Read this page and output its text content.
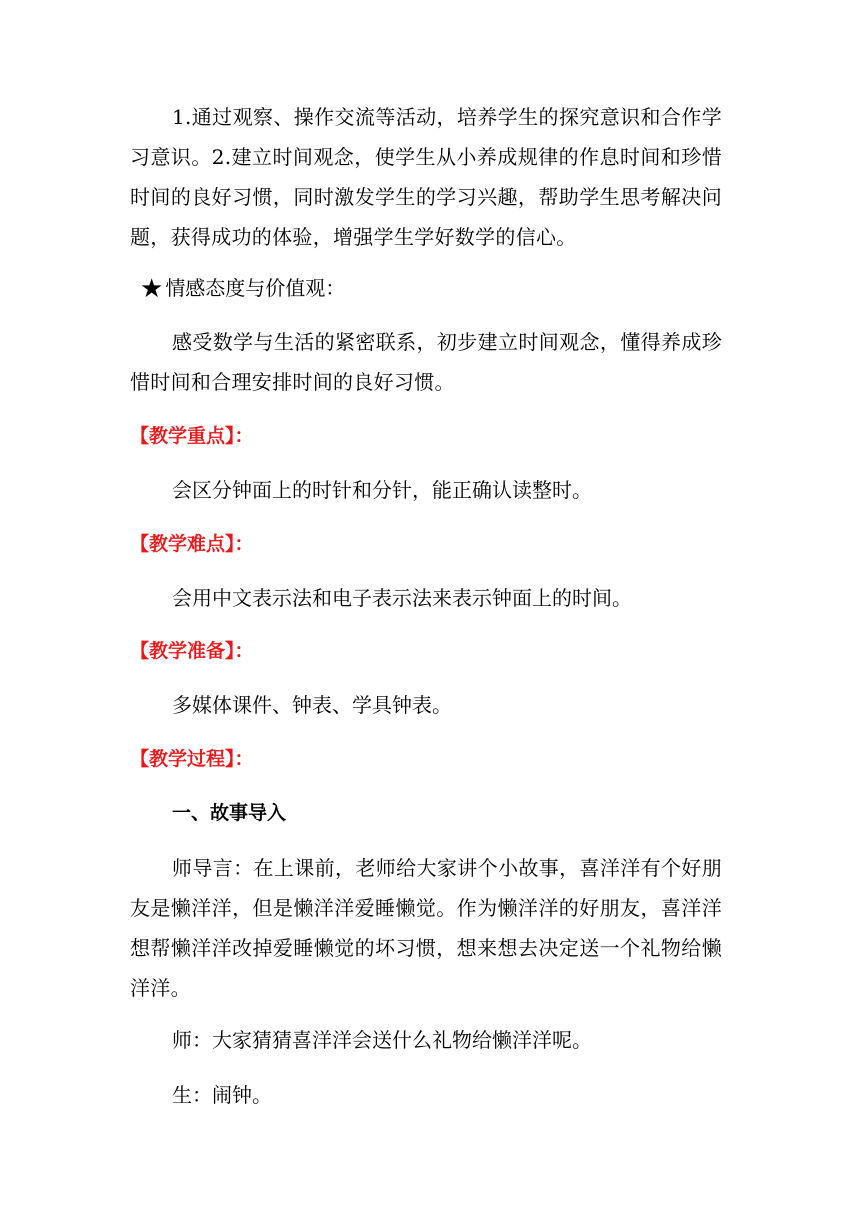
1.通过观察、操作交流等活动，培养学生的探究意识和合作学习意识。2.建立时间观念，使学生从小养成规律的作息时间和珍惜时间的良好习惯，同时激发学生的学习兴趣，帮助学生思考解决问题，获得成功的体验，增强学生学好数学的信心。
★ 情感态度与价值观：
感受数学与生活的紧密联系，初步建立时间观念，懂得养成珍惜时间和合理安排时间的良好习惯。
【教学重点】：
会区分钟面上的时针和分针，能正确认读整时。
【教学难点】：
会用中文表示法和电子表示法来表示钟面上的时间。
【教学准备】：
多媒体课件、钟表、学具钟表。
【教学过程】：
一、故事导入
师导言：在上课前，老师给大家讲个小故事，喜洋洋有个好朋友是懒洋洋，但是懒洋洋爱睡懒觉。作为懒洋洋的好朋友，喜洋洋想帮懒洋洋改掉爱睡懒觉的坏习惯，想来想去决定送一个礼物给懒洋洋。
师：大家猜猜喜洋洋会送什么礼物给懒洋洋呢。
生：闹钟。
